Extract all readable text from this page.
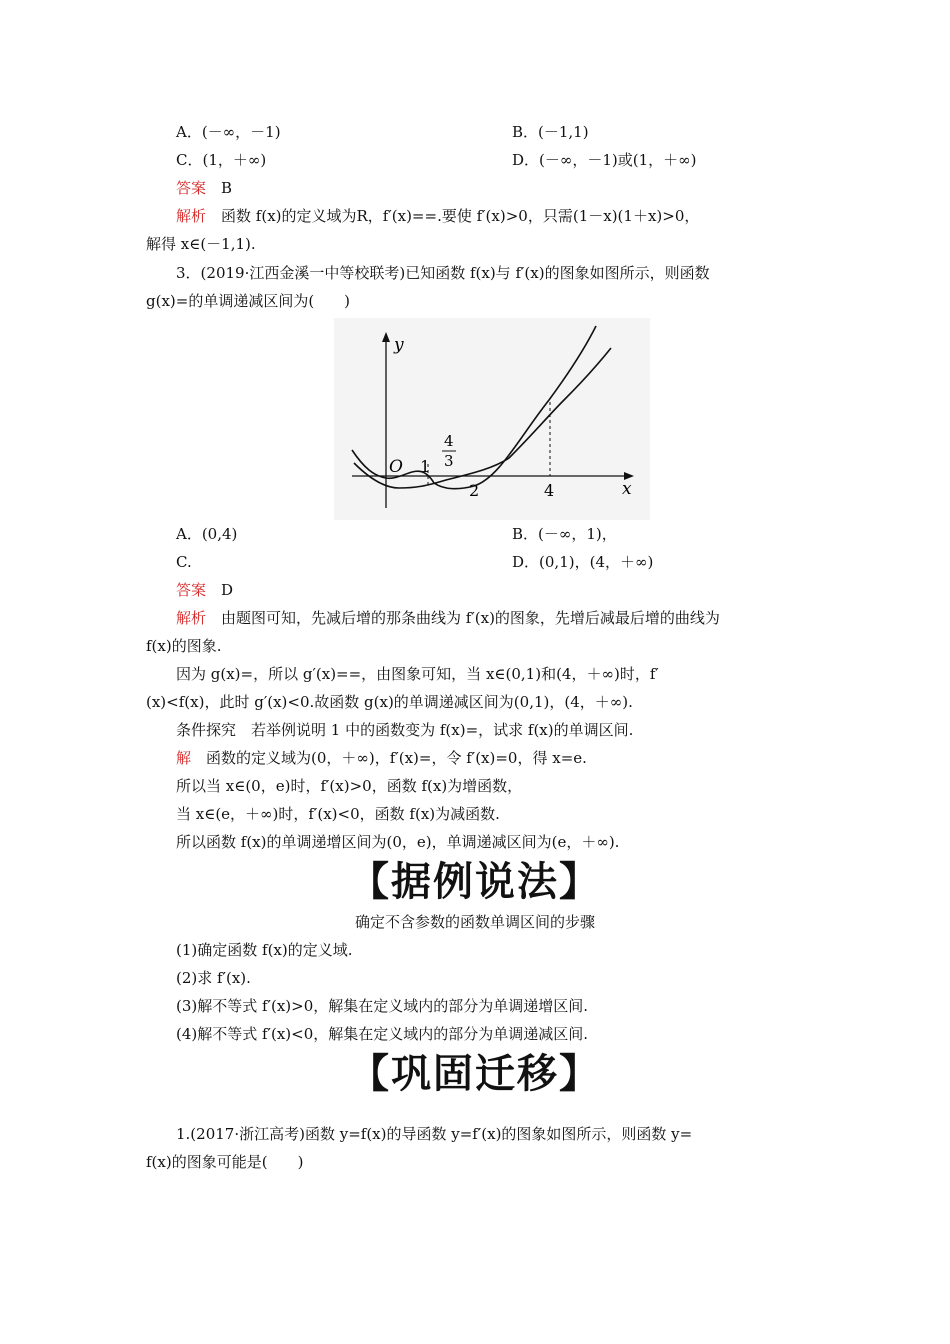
A．(－∞，－1)	B．(－1,1)
C．(1，＋∞)	D．(－∞，－1)或(1，＋∞)
答案　 B
解析　 函数 f(x)的定义域为R，f′(x)==.要使 f′(x)>0，只需(1－x)(1＋x)>0，
解得 x∈(－1,1).
3．(2019·江西金溪一中等校联考)已知函数 f(x)与 f′(x)的图象如图所示，则函数
g(x)=的单调递减区间为(　　)
y
x
O 1
2	4
4
3
A．(0,4)	B．(－∞，1)，
C.	D．(0,1)，(4，＋∞)
答案　 D
解析　 由题图可知，先减后增的那条曲线为 f′(x)的图象，先增后减最后增的曲线为
f(x)的图象.
因为 g(x)=，所以 g′(x)==，由图象可知，当 x∈(0,1)和(4，＋∞)时，f′
(x)<f(x)，此时 g′(x)<0.故函数 g(x)的单调递减区间为(0,1)，(4，＋∞).
条件探究　若举例说明 1 中的函数变为 f(x)=，试求 f(x)的单调区间.
解　 函数的定义域为(0，＋∞)，f′(x)=，令 f′(x)=0，得 x=e.
所以当 x∈(0，e)时，f′(x)>0，函数 f(x)为增函数，
当 x∈(e，＋∞)时，f′(x)<0，函数 f(x)为减函数.
所以函数 f(x)的单调递增区间为(0，e)，单调递减区间为(e，＋∞).
【据例说法】
确定不含参数的函数单调区间的步骤
(1)确定函数 f(x)的定义域.
(2)求 f′(x).
(3)解不等式 f′(x)>0，解集在定义域内的部分为单调递增区间.
(4)解不等式 f′(x)<0，解集在定义域内的部分为单调递减区间.
【巩固迁移】
1.(2017·浙江高考)函数 y=f(x)的导函数 y=f′(x)的图象如图所示，则函数 y=
f(x)的图象可能是(　　)
